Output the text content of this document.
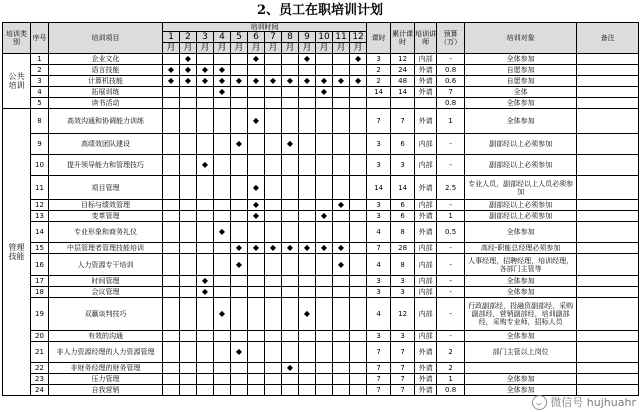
2、员工在职培训计划
培训类别	序号	培训项目	培训时间												课时	累计课时	培训讲师	预算（万）	培训对象	备注
			1	2	3	4	5	6	7	8	9	10	11	12						
			月	月	月	月	月	月	月	月	月	月	月	月						
公共培训	1	企业文化		◆				◆			◆			◆	3	12	内部	-	全体参加	
	2	语言技能	◆	◆	◆	◆									2	24	外请	0.8	自愿参加	
	3	计算机技能	◆	◆	◆	◆	◆	◆	◆	◆	◆	◆	◆	◆	2	48	外请	0.6	自愿参加	
	4	拓展训练				◆						◆			14	14	外请	7	全体	
	5	读书活动																0.8	全体参加	
管理技能	8	高效沟通和协调能力训练						◆							7	7	外请	1	全体参加	
	9	高绩效团队建设					◆			◆					3	6	内部	-	副部经以上必须参加	
	10	提升领导能力和管理技巧			◆										3	3	内部	-	副部经以上必须参加	
	11	项目管理						◆							14	14	外请	2.5	专业人员，副部经以上人员必须参加	
	12	目标与绩效管理						◆					◆		3	6	内部	-	副部经以上必须参加	
	13	变革管理						◆				◆			3	6	外请	1	副部经以上必须参加	
	14	专业形象和商务礼仪				◆									4	8	外请	0.5	全体参加	
	15	中层管理者管理技能培训					◆	◆	◆	◆	◆	◆	◆		7	28	内部	-	高经-职能总经理必须参加	
	16	人力资源专干培训					◆						◆		4	8	内部	-	人事经理，招聘经理，培训经理，各部门主管等	
	17	时间管理			◆										3	3	内部	-	全体参加	
	18	会议管理			◆										3	3	内部	-	全体参加	
	19	双赢谈判技巧				◆					◆				4	12	内部	-	行政副部经，投融资副部经，采购副部经，营销副部经，培训副部经，采购专业师，招标人员	
	20	有效的沟通													3	3	内部	-	全体参加	
	21	非人力资源经理的人力资源管理					◆								7	7	外请	2	部门主管以上岗位	
	22	非财务经理的财务管理								◆					7	7	外请	2		
	23	压力管理													7	7	外请	1	全体参加	
	24	自我营销													7	7	外请	0.8	全体参加	
微信号 hujhuahr
